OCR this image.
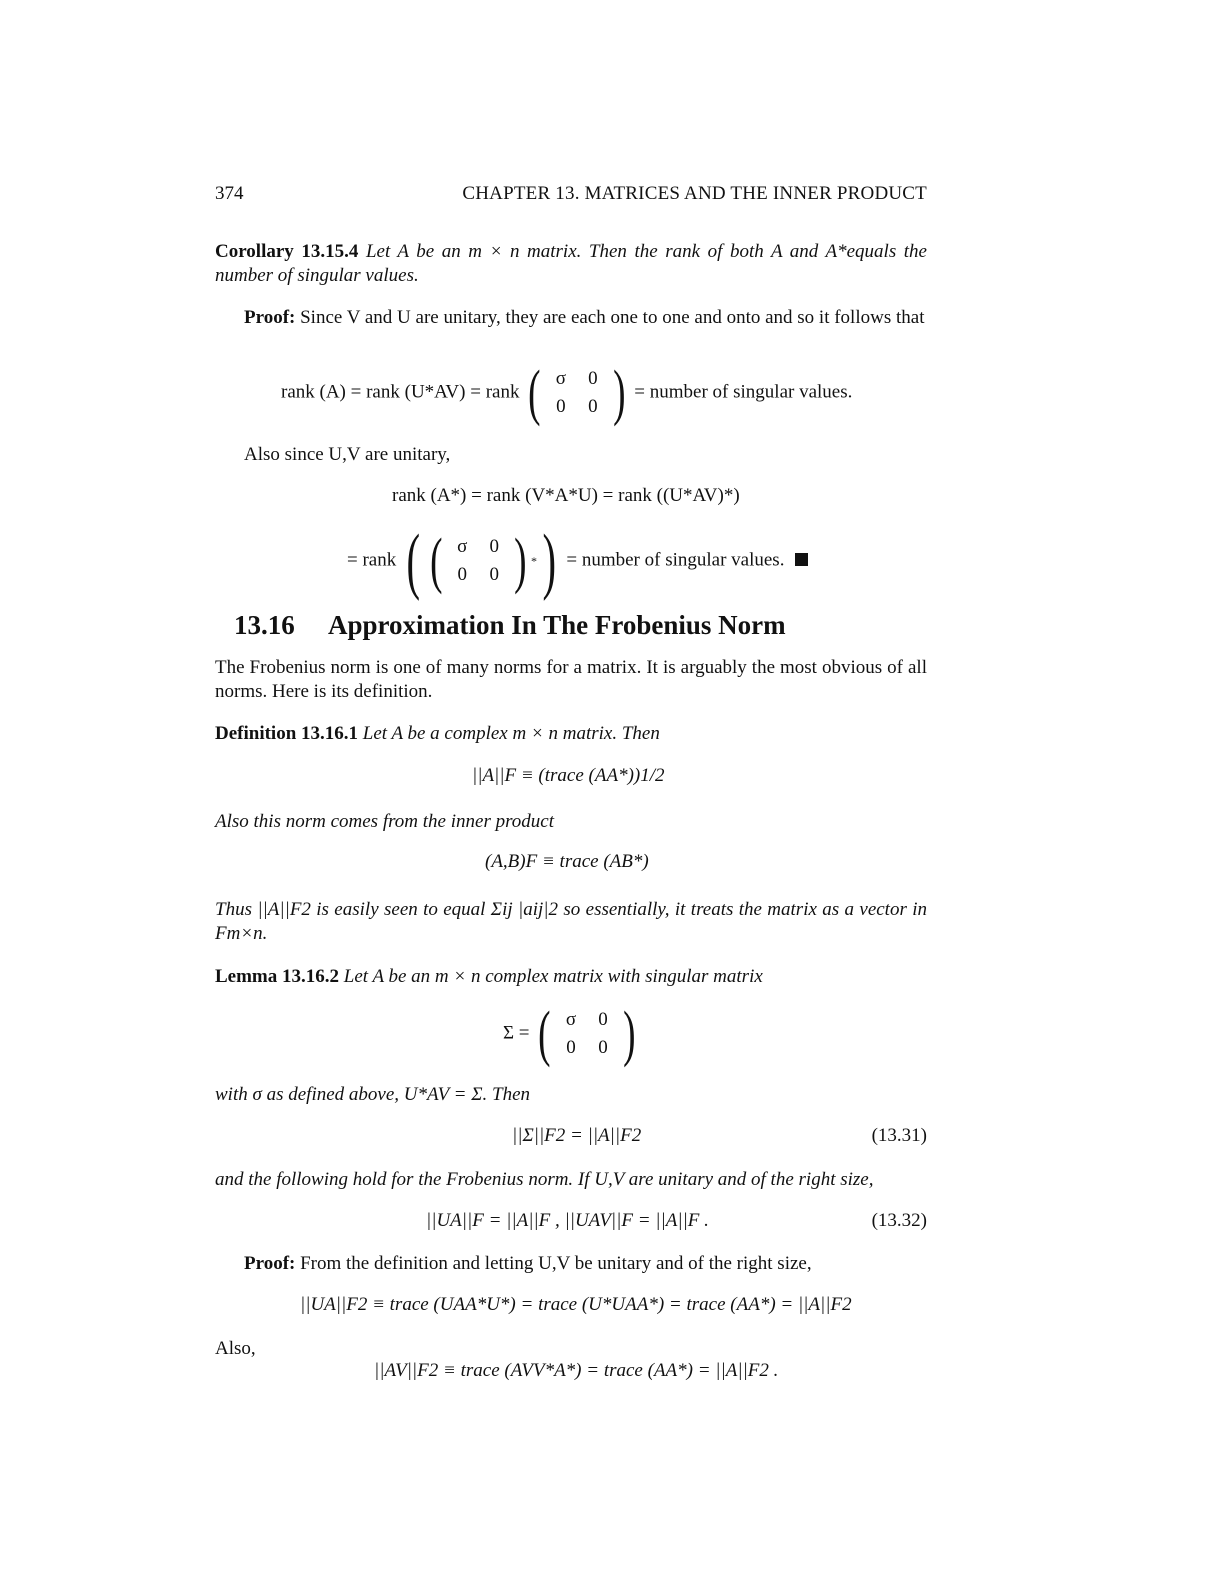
374	CHAPTER 13. MATRICES AND THE INNER PRODUCT
Corollary 13.15.4 Let A be an m × n matrix. Then the rank of both A and A*equals the number of singular values.
Proof: Since V and U are unitary, they are each one to one and onto and so it follows that
rank (A) = rank (U*AV) = rank ( σ	0
0	0 ) = number of singular values.
Also since U,V are unitary,
rank (A*) = rank (V*A*U) = rank ((U*AV)*)
= rank ( ( σ	0
0	0 ) * ) = number of singular values.
13.16 Approximation In The Frobenius Norm
The Frobenius norm is one of many norms for a matrix. It is arguably the most obvious of all norms. Here is its definition.
Definition 13.16.1 Let A be a complex m × n matrix. Then
||A||F ≡ (trace (AA*))1/2
Also this norm comes from the inner product
(A,B)F ≡ trace (AB*)
Thus ||A||F2 is easily seen to equal Σij |aij|2 so essentially, it treats the matrix as a vector in Fm×n.
Lemma 13.16.2 Let A be an m × n complex matrix with singular matrix
Σ = ( σ	0
0	0 )
with σ as defined above, U*AV = Σ. Then
||Σ||F2 = ||A||F2	(13.31)
and the following hold for the Frobenius norm. If U,V are unitary and of the right size,
||UA||F = ||A||F , ||UAV||F = ||A||F .	(13.32)
Proof: From the definition and letting U,V be unitary and of the right size,
||UA||F2 ≡ trace (UAA*U*) = trace (U*UAA*) = trace (AA*) = ||A||F2
Also,
||AV||F2 ≡ trace (AVV*A*) = trace (AA*) = ||A||F2 .
